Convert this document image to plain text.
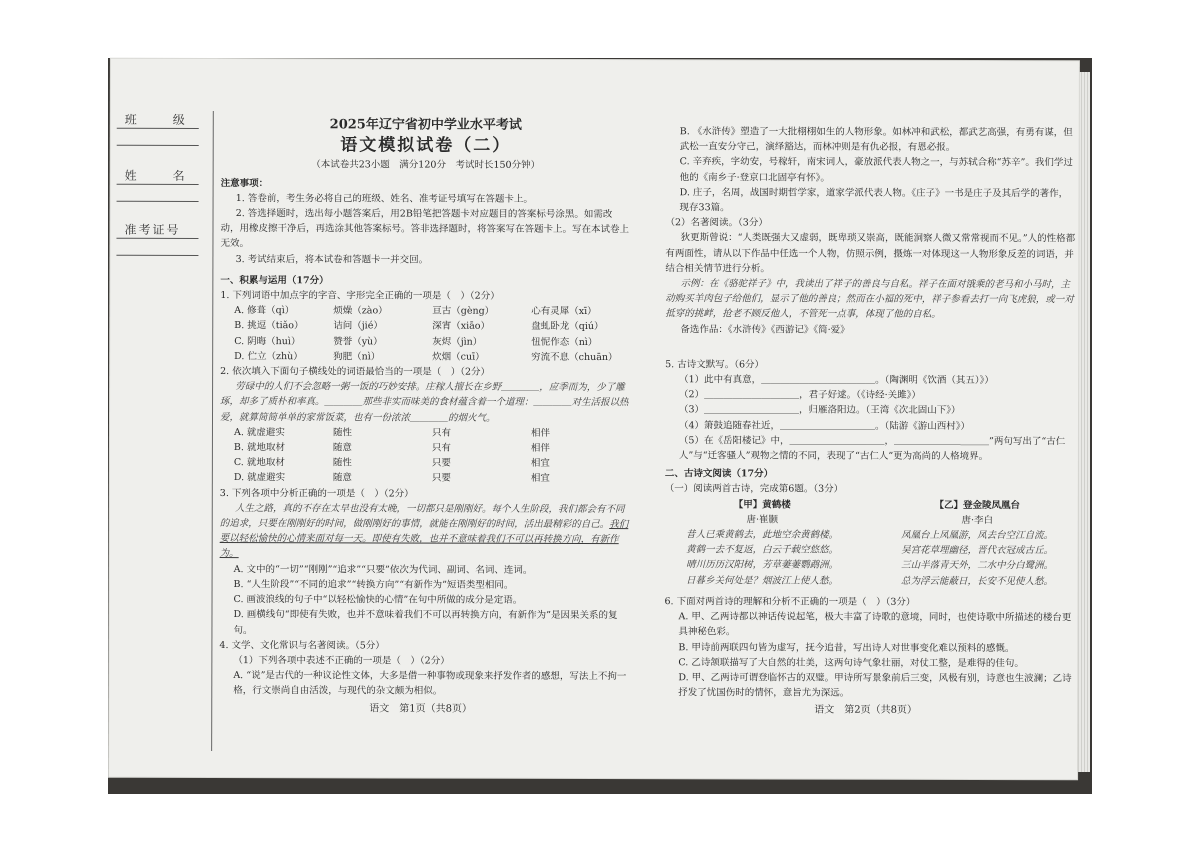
班　级
姓　名
准考证号
2025年辽宁省初中学业水平考试
语文模拟试卷（二）
（本试卷共23小题　满分120分　考试时长150分钟）
注意事项：
1. 答卷前，考生务必将自己的班级、姓名、准考证号填写在答题卡上。
2. 答选择题时，选出每小题答案后，用2B铅笔把答题卡对应题目的答案标号涂黑。如需改动，用橡皮擦干净后，再选涂其他答案标号。答非选择题时，将答案写在答题卡上。写在本试卷上无效。
3. 考试结束后，将本试卷和答题卡一并交回。
一、积累与运用（17分）
1. 下列词语中加点字的字音、字形完全正确的一项是（　）（2分）
A. 修葺（qì）	烦燥（zào）	亘古（gèng）	心有灵犀（xī）
B. 挑逗（tiǎo）	诘问（jié）	深宵（xiāo）	盘虬卧龙（qiú）
C. 阴晦（huì）	赞誉（yù）	灰烬（jìn）	忸怩作态（nì）
D. 伫立（zhù）	狗肥（nì）	炊烟（cuī）	穷流不息（chuān）
2. 依次填入下面句子横线处的词语最恰当的一项是（　）（2分）
劳碌中的人们不会忽略一粥一饭的巧妙安排。庄稼人擅长在乡野＿＿＿＿，应季而为，少了雕琢，却多了质朴和率真。＿＿＿＿那些非实而味美的食材蕴含着一个道理：＿＿＿＿对生活报以热爱，就算简简单单的家常饭菜，也有一份浓浓＿＿＿＿的烟火气。
A. 就虚避实	随性	只有	相伴
B. 就地取材	随意	只有	相伴
C. 就地取材	随性	只要	相宜
D. 就虚避实	随意	只要	相宜
3. 下列各项中分析正确的一项是（　）（2分）
人生之路，真的不存在太早也没有太晚，一切都只是刚刚好。每个人生阶段，我们都会有不同的追求，只要在刚刚好的时间，做刚刚好的事情，就能在刚刚好的时间，活出最精彩的自己。我们要以轻松愉快的心情来面对每一天。即使有失败，也并不意味着我们不可以再转换方向，有新作为。
A. 文中的“一切”“刚刚”“追求”“只要”依次为代词、副词、名词、连词。
B. “人生阶段”“不同的追求”“转换方向”“有新作为”短语类型相同。
C. 画波浪线的句子中“以轻松愉快的心情”在句中所做的成分是定语。
D. 画横线句“即使有失败，也并不意味着我们不可以再转换方向，有新作为”是因果关系的复句。
4. 文学、文化常识与名著阅读。（5分）
（1）下列各项中表述不正确的一项是（　）（2分）
A. “说”是古代的一种议论性文体，大多是借一种事物或现象来抒发作者的感想，写法上不拘一格，行文崇尚自由活泼，与现代的杂文颇为相似。
语文　第1页（共8页）
B. 《水浒传》塑造了一大批栩栩如生的人物形象。如林冲和武松，都武艺高强，有勇有谋，但武松一直安分守己，演绎豁达，而林冲则是有仇必报，有恩必报。
C. 辛弃疾，字幼安，号稼轩，南宋词人，豪放派代表人物之一，与苏轼合称“苏辛”。我们学过他的《南乡子·登京口北固亭有怀》。
D. 庄子，名周，战国时期哲学家，道家学派代表人物。《庄子》一书是庄子及其后学的著作，现存33篇。
（2）名著阅读。（3分）
狄更斯曾说：“人类既强大又虚弱，既卑琐又崇高，既能洞察人微又常常视而不见。”人的性格都有两面性，请从以下作品中任选一个人物，仿照示例，摄炼一对体现这一人物形象反差的词语，并结合相关情节进行分析。
示例：在《骆驼祥子》中，我读出了祥子的善良与自私。祥子在面对饿乘的老马和小马时，主动购买羊肉包子给他们，显示了他的善良；然而在小福的死中，祥子参看去打一向飞虎狼，或一对抵穿的挑衅，抢老不顾反他人，不管死一点事，体现了他的自私。
备选作品：《水浒传》《西游记》《简·爱》
5. 古诗文默写。（6分）
（1）此中有真意，＿＿＿＿＿＿＿＿＿＿＿＿。（陶渊明《饮酒（其五）》）
（2）＿＿＿＿＿＿＿＿＿＿，君子好逑。（《诗经·关雎》）
（3）＿＿＿＿＿＿＿＿＿＿，归雁洛阳边。（王湾《次北固山下》）
（4）箫鼓追随春社近，＿＿＿＿＿＿＿＿＿＿。（陆游《游山西村》）
（5）在《岳阳楼记》中，＿＿＿＿＿＿＿＿＿＿，＿＿＿＿＿＿＿＿＿＿”两句写出了“古仁人”与“迁客骚人”观物之情的不同，表现了“古仁人”更为高尚的人格境界。
二、古诗文阅读（17分）
（一）阅读两首古诗，完成第6题。（3分）
【甲】黄鹤楼
唐·崔颢
昔人已乘黄鹤去，此地空余黄鹤楼。
黄鹤一去不复返，白云千载空悠悠。
晴川历历汉阳树，芳草萋萋鹦鹉洲。
日暮乡关何处是？烟波江上使人愁。
【乙】登金陵凤凰台
唐·李白
凤凰台上凤凰游，凤去台空江自流。
吴宫花草埋幽径，晋代衣冠成古丘。
三山半落青天外，二水中分白鹭洲。
总为浮云能蔽日，长安不见使人愁。
6. 下面对两首诗的理解和分析不正确的一项是（　）（3分）
A. 甲、乙两诗都以神话传说起笔，极大丰富了诗歌的意境，同时，也使诗歌中所描述的楼台更具神秘色彩。
B. 甲诗前两联四句皆为虚写，抚今追昔，写出诗人对世事变化难以预料的感慨。
C. 乙诗颔联描写了大自然的壮美，这两句诗气象壮丽，对仗工整，是难得的佳句。
D. 甲、乙两诗可谓登临怀古的双璧。甲诗所写景象前后三变，风极有别，诗意也生波澜；乙诗抒发了忧国伤时的情怀，意旨尤为深远。
语文　第2页（共8页）
